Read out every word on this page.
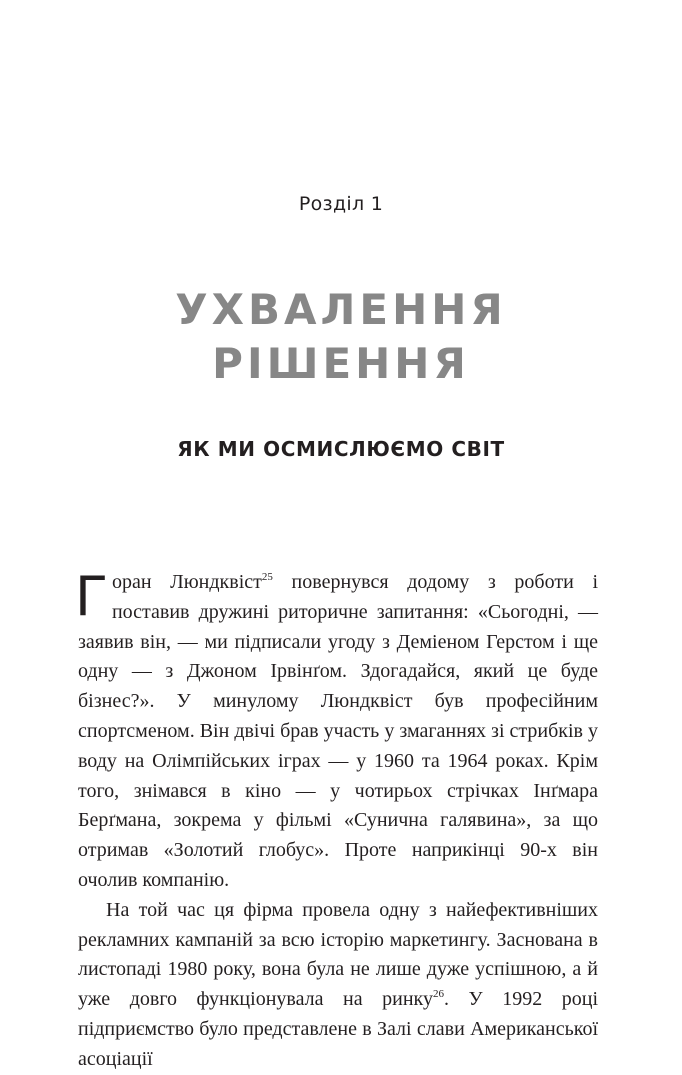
Розділ 1
УХВАЛЕННЯ
РІШЕННЯ
ЯК МИ ОСМИСЛЮЄМО СВІТ

Горан Люндквіст$^{25}$ повернувся додому з роботи і поставив дружині риторичне запитання: «Сьогодні, — заявив він, — ми підписали угоду з Деміеном Герстом і ще одну — з Джоном Ірвінґом. Здогадайся, який це буде бізнес?». У минулому Люндквіст був професійним спортсменом. Він двічі брав участь у змаганнях зі стрибків у воду на Олімпійських іграх — у 1960 та 1964 роках. Крім того, знімався в кіно — у чотирьох стрічках Інґмара Берґмана, зокрема у фільмі «Сунична галявина», за що отримав «Золотий глобус». Проте наприкінці 90-х він очолив компанію.

На той час ця фірма провела одну з найефективніших рекламних кампаній за всю історію маркетингу. Заснована в листопаді 1980 року, вона була не лише дуже успішною, а й уже довго функціонувала на ринку$^{26}$. У 1992 році підприємство було представлене в Залі слави Американської асоціації
